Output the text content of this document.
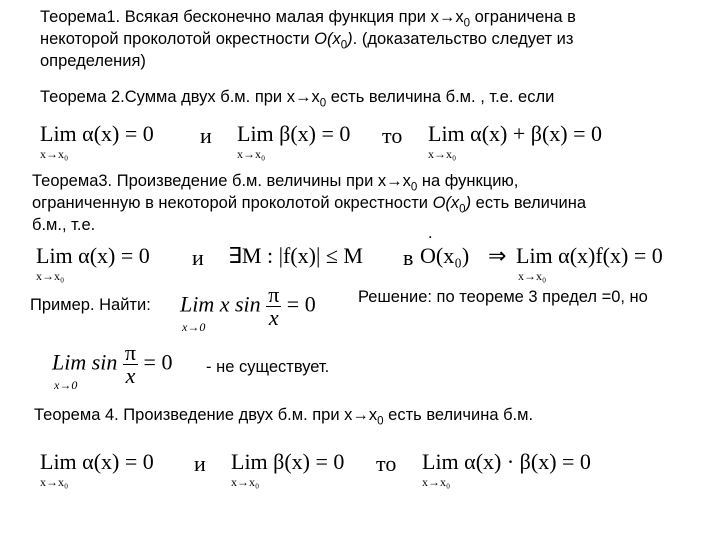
Теорема1. Всякая бесконечно малая функция при $x\to x_0$ ограничена в
некоторой проколотой окрестности $O(x_0)$. (доказательство следует из
определения)
Теорема 2.Сумма двух б.м. при $x\to x_0$ есть величина б.м. , т.е. если
Lim α(x) = 0
x→x₀
и Lim β(x) = 0
x→x₀
то Lim α(x) + β(x) = 0
x→x₀
Теорема3. Произведение б.м. величины при $x\to x_0$ на функцию,
ограниченную в некоторой проколотой окрестности $O(x_0)$ есть величина
б.м., т.е.	.
Lim α(x) = 0
x→x₀
и ∃M : |f(x)| ≤ M в O(x₀) ⇒ Lim α(x)f(x) = 0
x→x₀
Пример. Найти: Lim x $\sin \frac{\pi}{x} = 0$
x→0
Решение: по теореме 3 предел =0, но
Lim $\sin \frac{\pi}{x} = 0$
x→0
- не существует.
Теорема 4. Произведение двух б.м. при $x\to x_0$ есть величина б.м.
Lim α(x) = 0
x→x₀
и Lim β(x) = 0
x→x₀
то Lim α(x) · β(x) = 0
x→x₀
